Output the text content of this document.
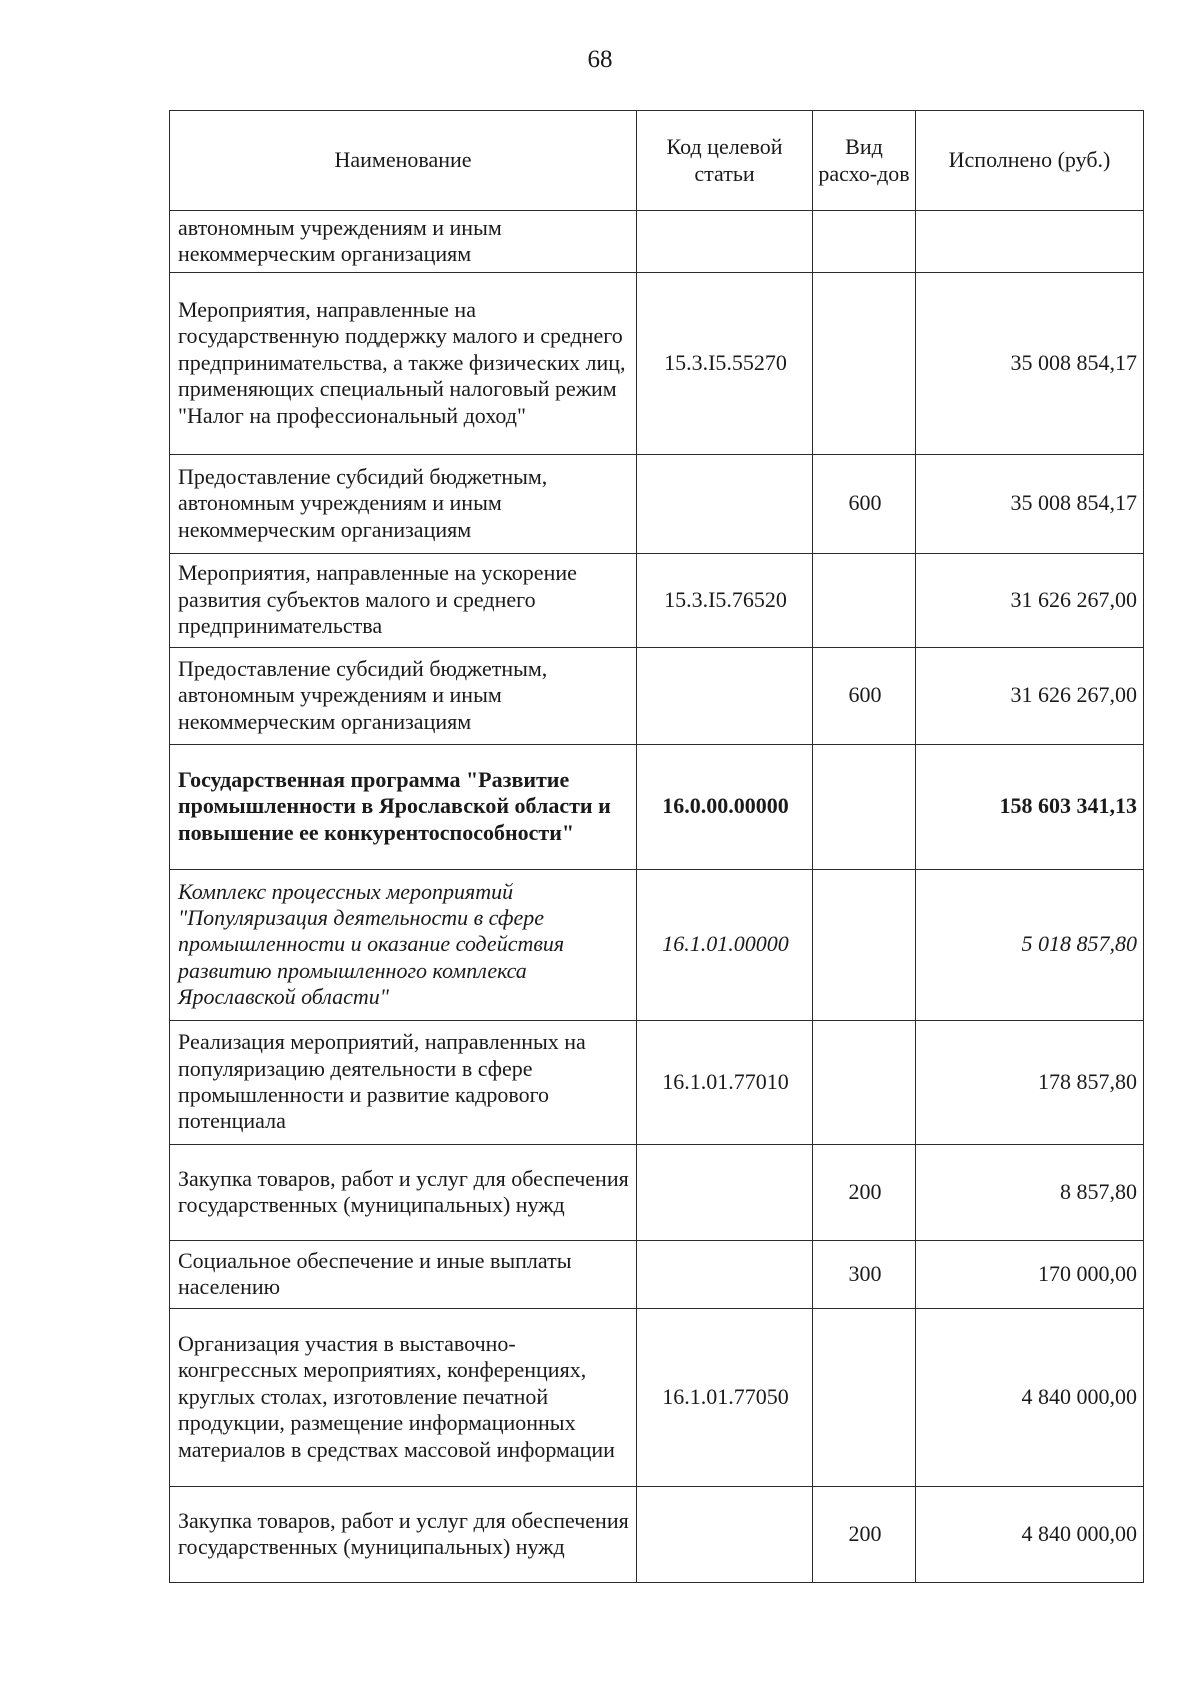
68
Наименование	Код целевой статьи	Вид расхо-дов	Исполнено (руб.)
автономным учреждениям и иным некоммерческим организациям			
Мероприятия, направленные на государственную поддержку малого и среднего предпринимательства, а также физических лиц, применяющих специальный налоговый режим "Налог на профессиональный доход"	15.3.I5.55270		35 008 854,17
Предоставление субсидий бюджетным, автономным учреждениям и иным некоммерческим организациям		600	35 008 854,17
Мероприятия, направленные на ускорение развития субъектов малого и среднего предпринимательства	15.3.I5.76520		31 626 267,00
Предоставление субсидий бюджетным, автономным учреждениям и иным некоммерческим организациям		600	31 626 267,00
Государственная программа "Развитие промышленности в Ярославской области и повышение ее конкурентоспособности"	16.0.00.00000		158 603 341,13
Комплекс процессных мероприятий "Популяризация деятельности в сфере промышленности и оказание содействия развитию промышленного комплекса Ярославской области"	16.1.01.00000		5 018 857,80
Реализация мероприятий, направленных на популяризацию деятельности в сфере промышленности и развитие кадрового потенциала	16.1.01.77010		178 857,80
Закупка товаров, работ и услуг для обеспечения государственных (муниципальных) нужд		200	8 857,80
Социальное обеспечение и иные выплаты населению		300	170 000,00
Организация участия в выставочно-конгрессных мероприятиях, конференциях, круглых столах, изготовление печатной продукции, размещение информационных материалов в средствах массовой информации	16.1.01.77050		4 840 000,00
Закупка товаров, работ и услуг для обеспечения государственных (муниципальных) нужд		200	4 840 000,00
